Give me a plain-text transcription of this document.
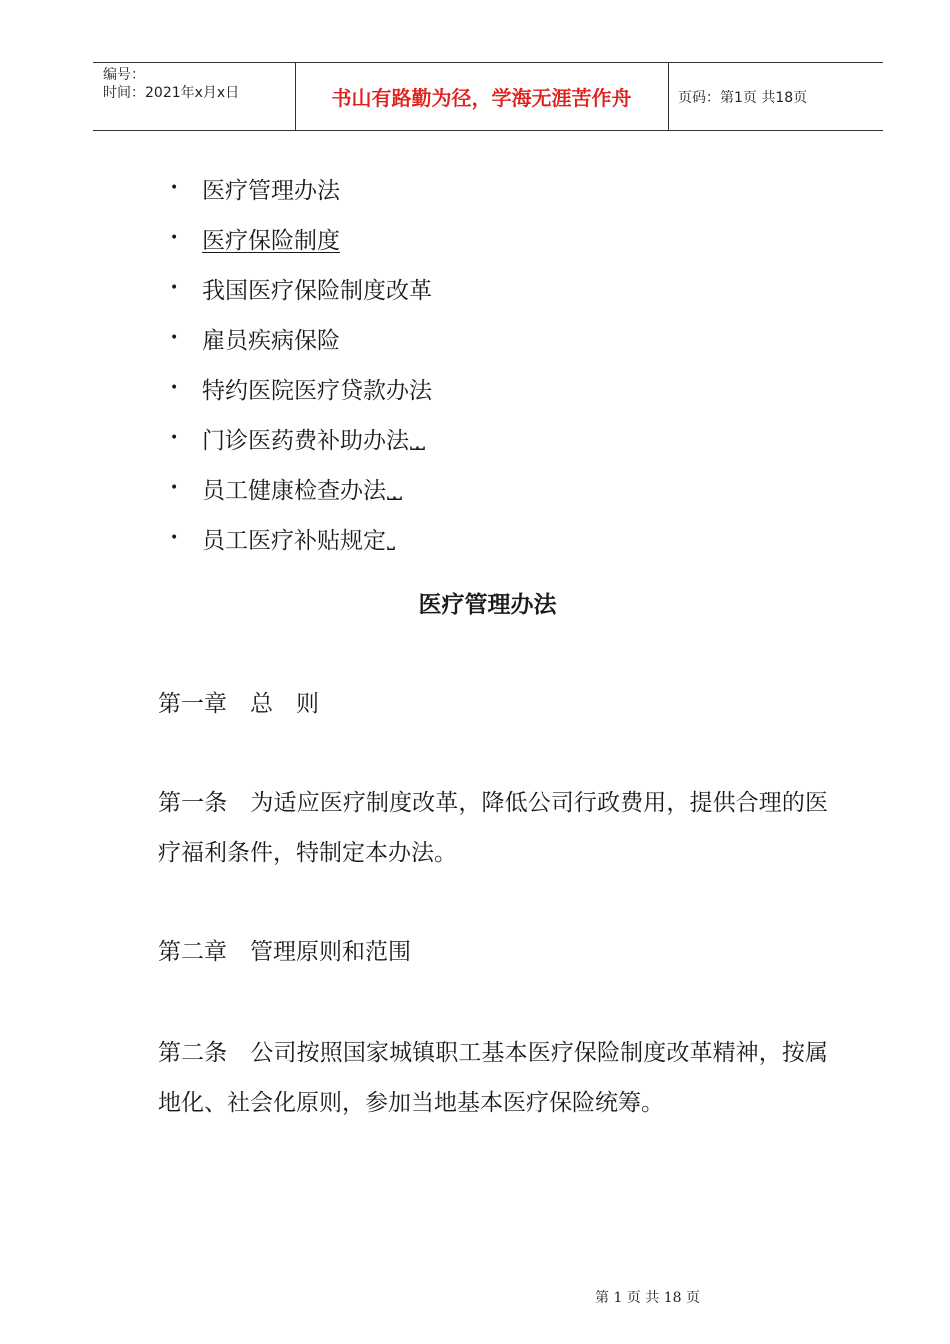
编号：
时间：2021年x月x日	书山有路勤为径，学海无涯苦作舟	页码：第1页 共18页
•	医疗管理办法
•	医疗保险制度
•	我国医疗保险制度改革
•	雇员疾病保险
•	特约医院医疗贷款办法
•	门诊医药费补助办法 ⎵⎵
•	员工健康检查办法 ⎵⎵
•	员工医疗补贴规定 ⎵
医疗管理办法

第一章　总　则

第一条　为适应医疗制度改革，降低公司行政费用，提供合理的医疗福利条件，特制定本办法。

第二章　管理原则和范围

第二条　公司按照国家城镇职工基本医疗保险制度改革精神，按属地化、社会化原则，参加当地基本医疗保险统筹。

第 1 页 共 18 页
